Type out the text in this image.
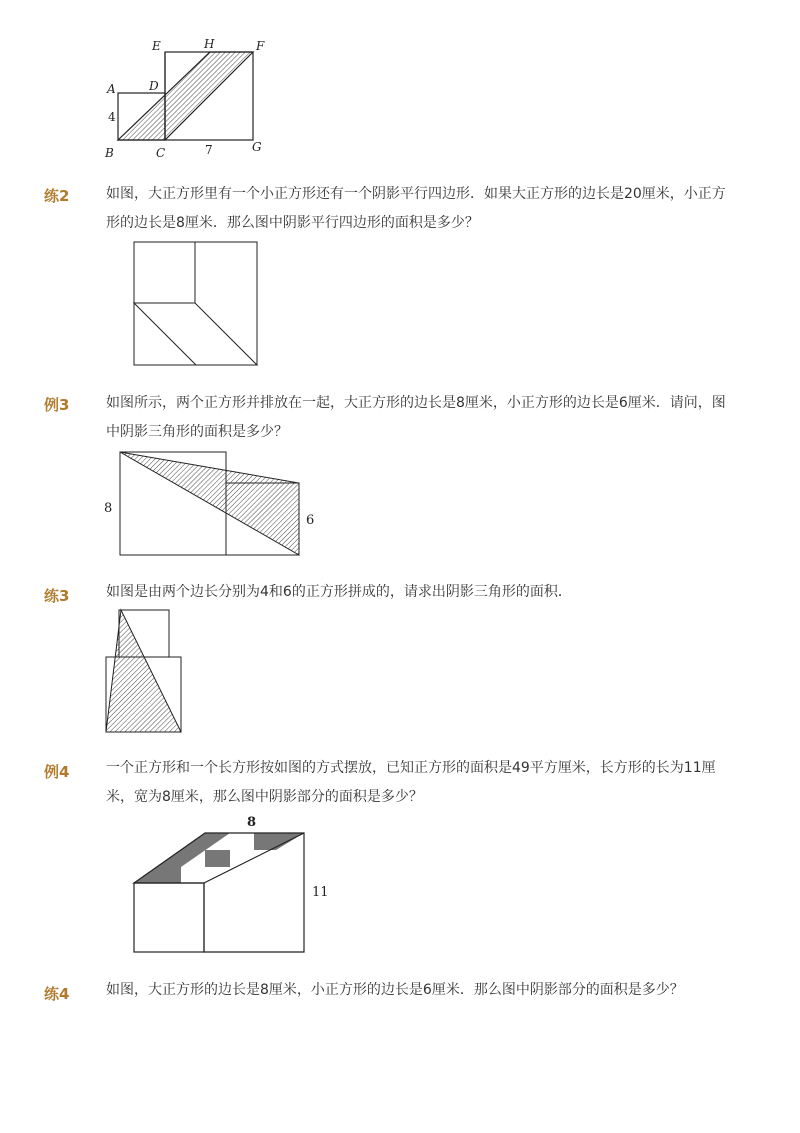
A
B	C
D
E	H	F
G
4
7
练2	如图，大正方形里有一个小正方形还有一个阴影平行四边形．如果大正方形的边长是20厘米，小正方形的边长是8厘米．那么图中阴影平行四边形的面积是多少？
例3	如图所示，两个正方形并排放在一起，大正方形的边长是8厘米，小正方形的边长是6厘米．请问，图中阴影三角形的面积是多少？
8
6
练3	如图是由两个边长分别为4和6的正方形拼成的，请求出阴影三角形的面积．
例4	一个正方形和一个长方形按如图的方式摆放，已知正方形的面积是49平方厘米，长方形的长为11厘米，宽为8厘米，那么图中阴影部分的面积是多少？
8
11
练4	如图，大正方形的边长是8厘米，小正方形的边长是6厘米．那么图中阴影部分的面积是多少？
